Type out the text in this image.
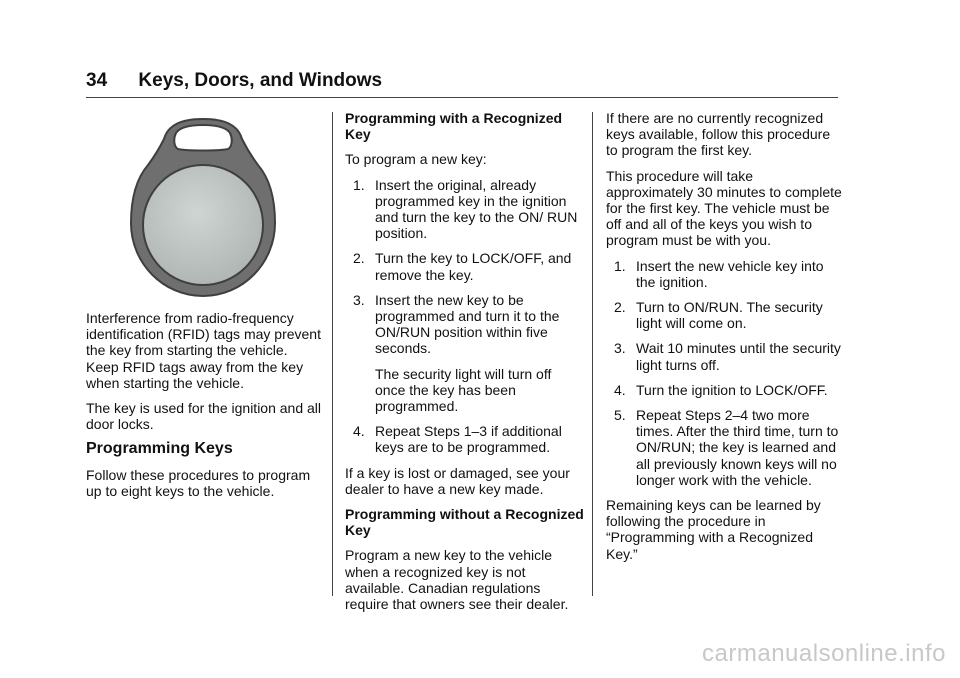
34 Keys, Doors, and Windows

Interference from radio-frequency identification (RFID) tags may prevent the key from starting the vehicle. Keep RFID tags away from the key when starting the vehicle.

The key is used for the ignition and all door locks.

Programming Keys

Follow these procedures to program up to eight keys to the vehicle.

Programming with a Recognized Key

To program a new key:

1. Insert the original, already programmed key in the ignition and turn the key to the ON/ RUN position.
2. Turn the key to LOCK/OFF, and remove the key.
3. Insert the new key to be programmed and turn it to the ON/RUN position within five seconds.

The security light will turn off once the key has been programmed.

4. Repeat Steps 1–3 if additional keys are to be programmed.

If a key is lost or damaged, see your dealer to have a new key made.

Programming without a Recognized Key

Program a new key to the vehicle when a recognized key is not available. Canadian regulations require that owners see their dealer.

If there are no currently recognized keys available, follow this procedure to program the first key.

This procedure will take approximately 30 minutes to complete for the first key. The vehicle must be off and all of the keys you wish to program must be with you.

1. Insert the new vehicle key into the ignition.
2. Turn to ON/RUN. The security light will come on.
3. Wait 10 minutes until the security light turns off.
4. Turn the ignition to LOCK/OFF.
5. Repeat Steps 2–4 two more times. After the third time, turn to ON/RUN; the key is learned and all previously known keys will no longer work with the vehicle.

Remaining keys can be learned by following the procedure in “Programming with a Recognized Key.”

carmanualsonline.info
